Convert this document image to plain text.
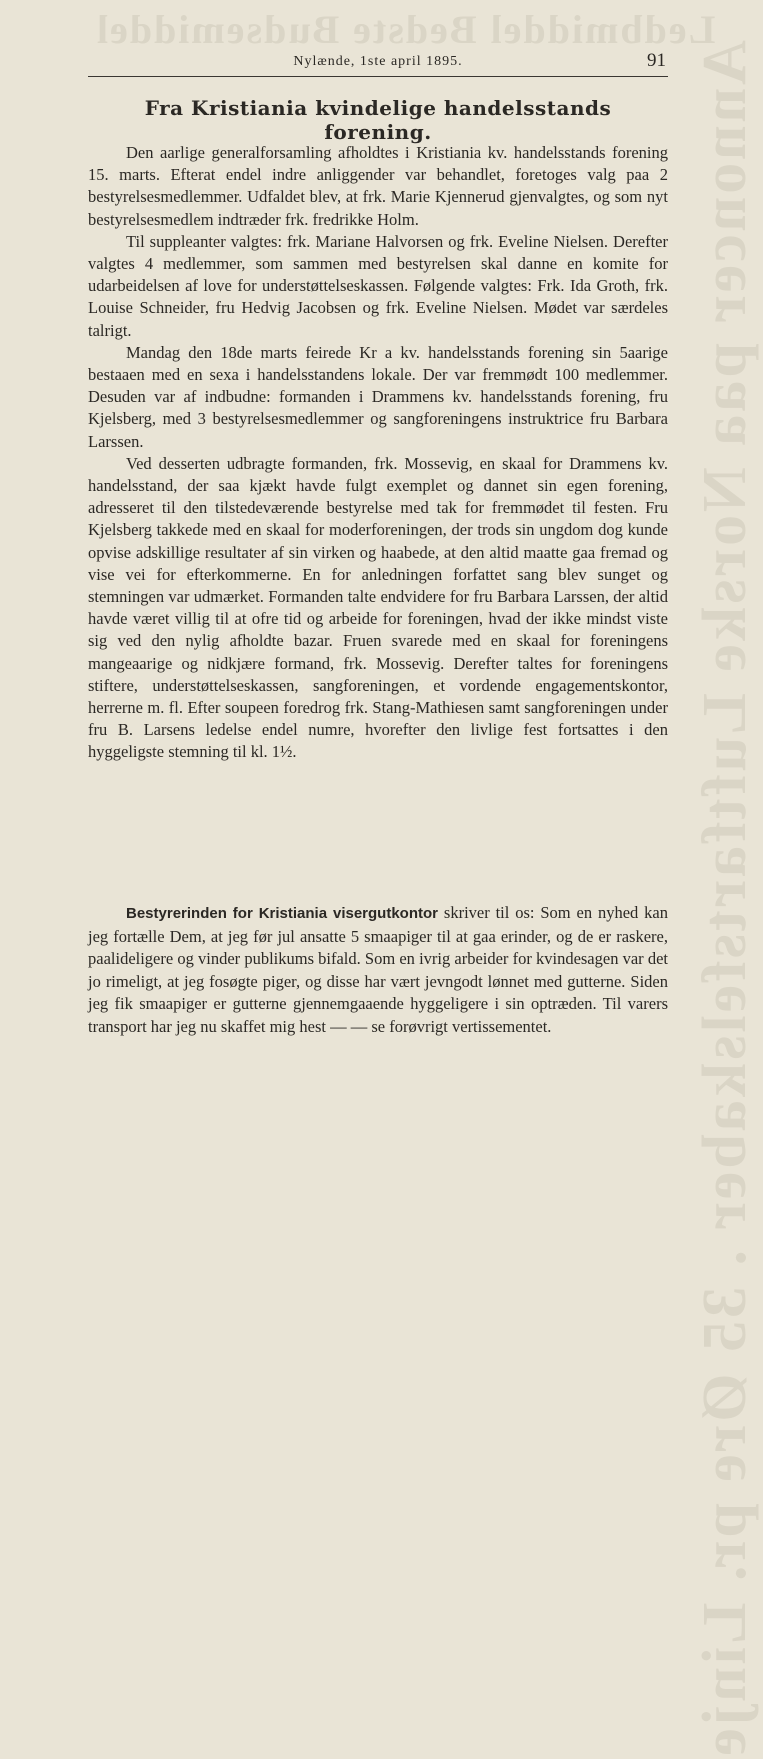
Ledbmiddel Bedste Budsemiddel
Annoncer paa Norske Luftfartsfelskaber . 35 Øre pr. Linje
Nylænde, 1ste april 1895.	91
Fra Kristiania kvindelige handelsstands forening.

Den aarlige generalforsamling afholdtes i Kristiania kv. handelsstands forening 15. marts. Efterat endel indre anliggender var behandlet, foretoges valg paa 2 bestyrelsesmedlemmer. Udfaldet blev, at frk. Marie Kjennerud gjenvalgtes, og som nyt bestyrelsesmedlem indtræder frk. fredrikke Holm.

Til suppleanter valgtes: frk. Mariane Halvorsen og frk. Eveline Nielsen. Derefter valgtes 4 medlemmer, som sammen med bestyrelsen skal danne en komite for udarbeidelsen af love for understøttelseskassen. Følgende valgtes: Frk. Ida Groth, frk. Louise Schneider, fru Hedvig Jacobsen og frk. Eveline Nielsen. Mødet var særdeles talrigt.

Mandag den 18de marts feirede Kr a kv. handelsstands forening sin 5aarige bestaaen med en sexa i handelsstandens lokale. Der var fremmødt 100 medlemmer. Desuden var af indbudne: formanden i Drammens kv. handelsstands forening, fru Kjelsberg, med 3 bestyrelsesmedlemmer og sangforeningens instruktrice fru Barbara Larssen.

Ved desserten udbragte formanden, frk. Mossevig, en skaal for Drammens kv. handelsstand, der saa kjækt havde fulgt exemplet og dannet sin egen forening, adresseret til den tilstedeværende bestyrelse med tak for fremmødet til festen. Fru Kjelsberg takkede med en skaal for moderforeningen, der trods sin ungdom dog kunde opvise adskillige resultater af sin virken og haabede, at den altid maatte gaa fremad og vise vei for efterkommerne. En for anledningen forfattet sang blev sunget og stemningen var udmærket. Formanden talte endvidere for fru Barbara Larssen, der altid havde været villig til at ofre tid og arbeide for foreningen, hvad der ikke mindst viste sig ved den nylig afholdte bazar. Fruen svarede med en skaal for foreningens mangeaarige og nidkjære formand, frk. Mossevig. Derefter taltes for foreningens stiftere, understøttelseskassen, sangforeningen, et vordende engagementskontor, herrerne m. fl. Efter soupeen foredrog frk. Stang-Mathiesen samt sangforeningen under fru B. Larsens ledelse endel numre, hvorefter den livlige fest fortsattes i den hyggeligste stemning til kl. 1½.

Bestyrerinden for Kristiania visergutkontor skriver til os: Som en nyhed kan jeg fortælle Dem, at jeg før jul ansatte 5 smaapiger til at gaa erinder, og de er raskere, paalideligere og vinder publikums bifald. Som en ivrig arbeider for kvindesagen var det jo rimeligt, at jeg fosøgte piger, og disse har vært jevngodt lønnet med gutterne. Siden jeg fik smaapiger er gutterne gjennemgaaende hyggeligere i sin optræden. Til varers transport har jeg nu skaffet mig hest — — se forøvrigt vertissementet.
